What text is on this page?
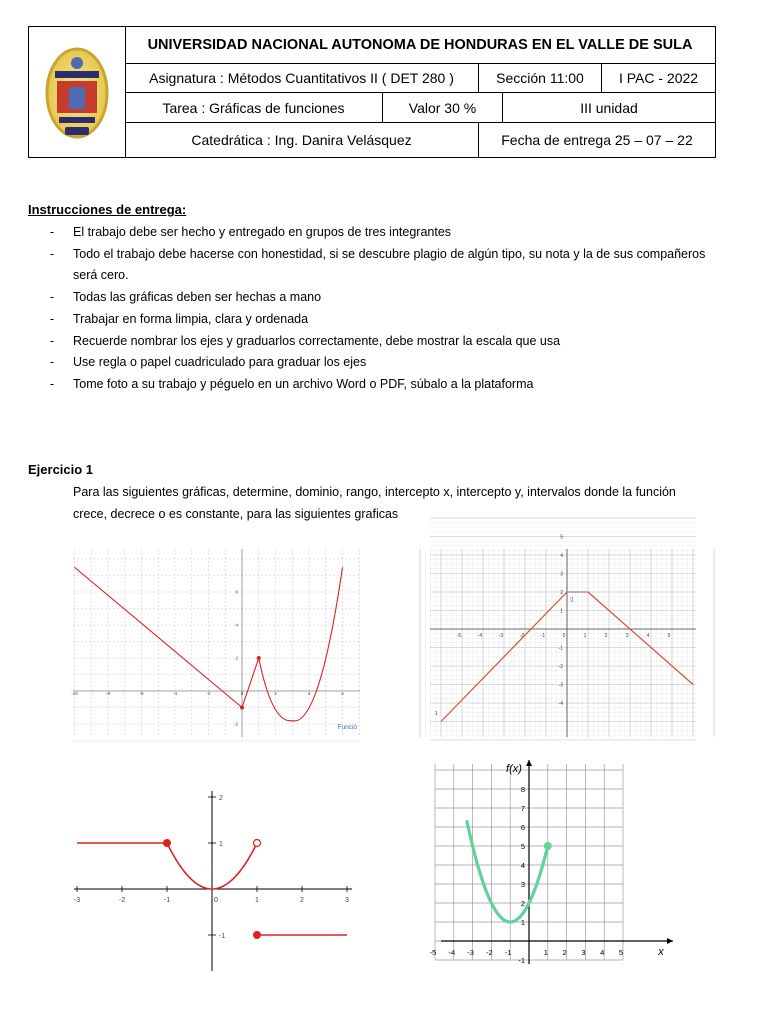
UNIVERSIDAD NACIONAL AUTONOMA DE HONDURAS EN EL VALLE DE SULA
Asignatura : Métodos Cuantitativos II ( DET 280 )	Sección 11:00	I PAC - 2022
Tarea : Gráficas de funciones	Valor 30 %	III unidad
Catedrática : Ing. Danira Velásquez	Fecha de entrega 25 – 07 – 22
Instrucciones de entrega:
- El trabajo debe ser hecho y entregado en grupos de tres integrantes
- Todo el trabajo debe hacerse con honestidad, si se descubre plagio de algún tipo, su nota y la de sus compañeros será cero.
- Todas las gráficas deben ser hechas a mano
- Trabajar en forma limpia, clara y ordenada
- Recuerde nombrar los ejes y graduarlos correctamente, debe mostrar la escala que usa
- Use regla o papel cuadriculado para graduar los ejes
- Tome foto a su trabajo y péguelo en un archivo Word o PDF, súbalo a la plataforma
Ejercicio 1
Para las siguientes gráficas, determine, dominio, rango, intercepto x, intercepto y, intervalos donde la función crece, decrece o es constante, para las siguientes graficas
-10	-8	-6	-4	-2	0	2	4	6
6
4
2
-2	Funció
-5	-4	-3	-2	-1	0	1	2	3	4	5
5
4
3
2
1
-1
-2
-3
-4
g
1
-3	-2	-1	0	1	2	3
2
1
-1
-5 -4 -3 -2 -1	1 2 3 4 5
8
7
6
5
4
3
2
1
-1
f(x)
x
